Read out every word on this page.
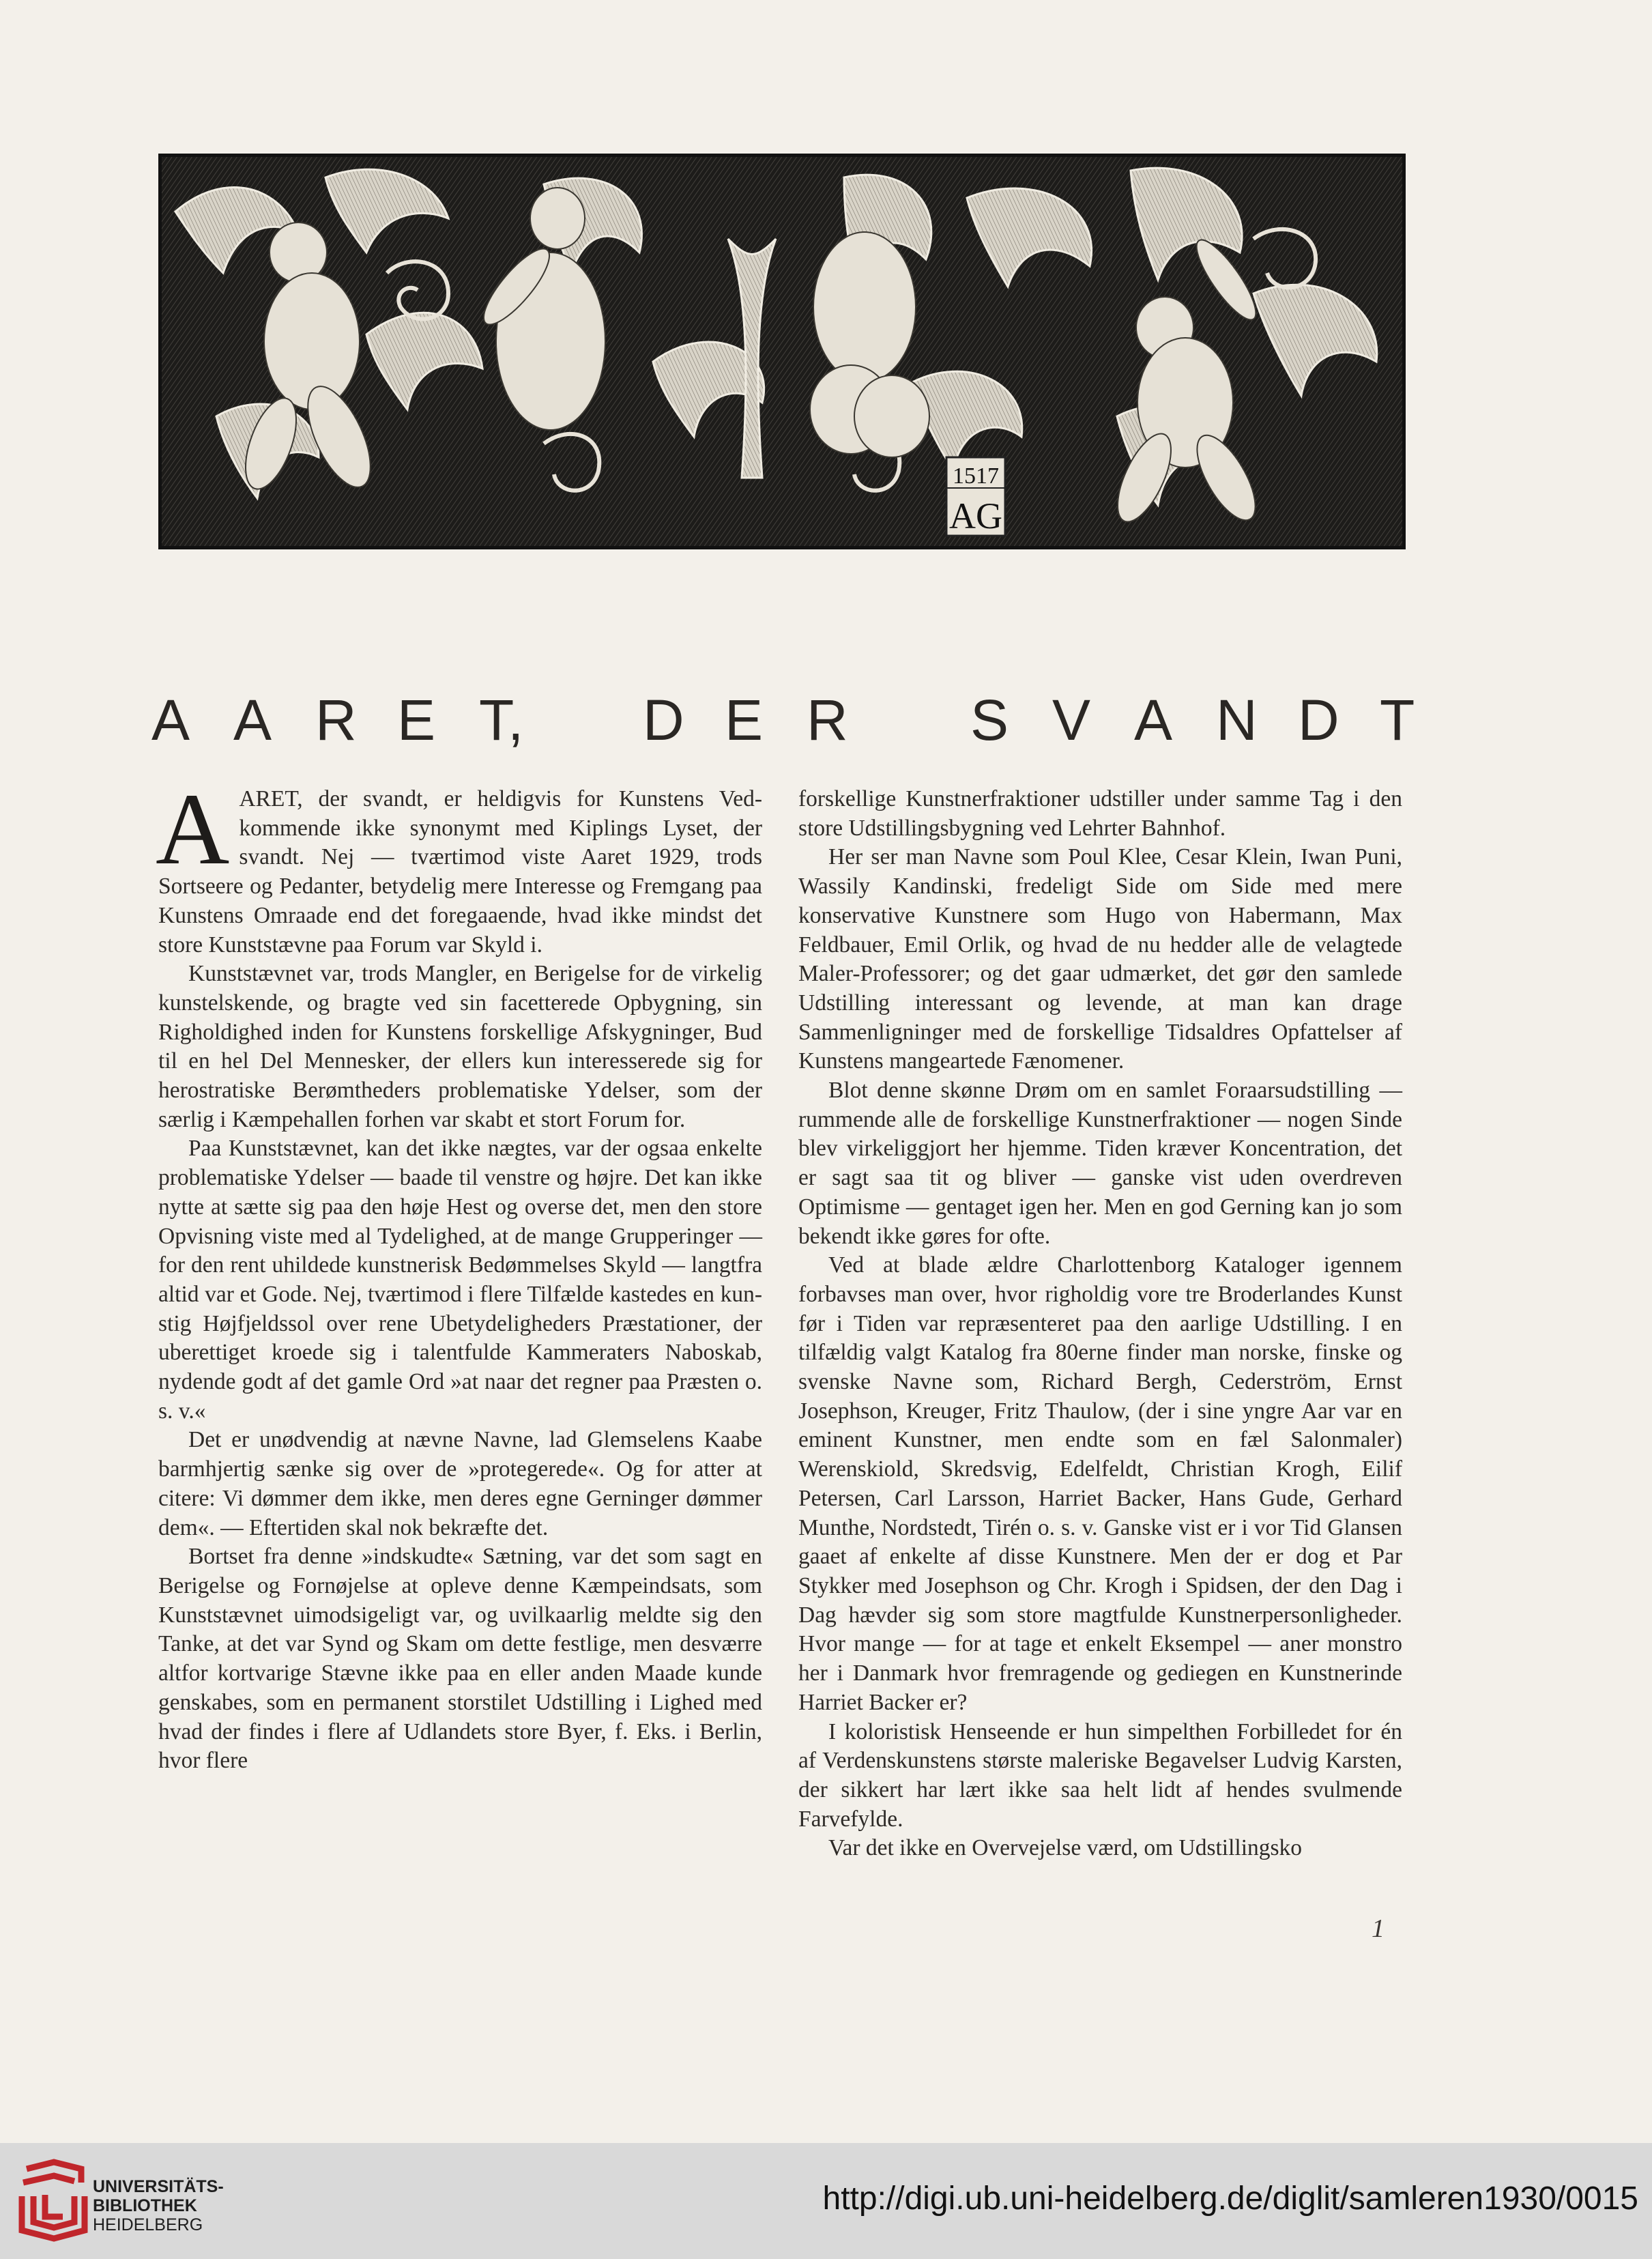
1517
AG
A A R E T, D E R S V A N D T
A ARET, der svandt, er heldigvis for Kunstens Vedkommende ikke synonymt med Kiplings Lyset, der svandt. Nej — tværtimod viste Aaret 1929, trods Sortseere og Pedanter, betydelig mere Interesse og Fremgang paa Kunstens Omraade end det foregaaende, hvad ikke mindst det store Kunststævne paa Forum var Skyld i.

Kunststævnet var, trods Mangler, en Berigelse for de virkelig kunstelskende, og bragte ved sin facetterede Opbygning, sin Righoldighed inden for Kunstens forskellige Afskygninger, Bud til en hel Del Mennesker, der ellers kun interesserede sig for herostratiske Berømtheders problematiske Ydelser, som der særlig i Kæmpehallen forhen var skabt et stort Forum for.

Paa Kunststævnet, kan det ikke nægtes, var der ogsaa enkelte problematiske Ydelser — baade til venstre og højre. Det kan ikke nytte at sætte sig paa den høje Hest og overse det, men den store Opvisning viste med al Tydelighed, at de mange Grupperinger — for den rent uhildede kunstnerisk Bedømmelses Skyld — langtfra altid var et Gode. Nej, tværtimod i flere Tilfælde kastedes en kunstig Højfjeldssol over rene Ubetydeligheders Præstationer, der uberettiget kroede sig i talentfulde Kammeraters Naboskab, nydende godt af det gamle Ord »at naar det regner paa Præsten o. s. v.«

Det er unødvendig at nævne Navne, lad Glemselens Kaabe barmhjertig sænke sig over de »protegerede«. Og for atter at citere: Vi dømmer dem ikke, men deres egne Gerninger dømmer dem«. — Eftertiden skal nok bekræfte det.

Bortset fra denne »indskudte« Sætning, var det som sagt en Berigelse og Fornøjelse at opleve denne Kæmpeindsats, som Kunststævnet uimodsigeligt var, og uvilkaarlig meldte sig den Tanke, at det var Synd og Skam om dette festlige, men desværre altfor kortvarige Stævne ikke paa en eller anden Maade kunde genskabes, som en permanent storstilet Udstilling i Lighed med hvad der findes i flere af Udlandets store Byer, f. Eks. i Berlin, hvor flere

forskellige Kunstnerfraktioner udstiller under samme Tag i den store Udstillingsbygning ved Lehrter Bahnhof.

Her ser man Navne som Poul Klee, Cesar Klein, Iwan Puni, Wassily Kandinski, fredeligt Side om Side med mere konservative Kunstnere som Hugo von Habermann, Max Feldbauer, Emil Orlik, og hvad de nu hedder alle de velagtede Maler-Professorer; og det gaar udmærket, det gør den samlede Udstilling interessant og levende, at man kan drage Sammenligninger med de forskellige Tidsaldres Opfattelser af Kunstens mangeartede Fænomener.

Blot denne skønne Drøm om en samlet Foraarsudstilling — rummende alle de forskellige Kunstnerfraktioner — nogen Sinde blev virkeliggjort her hjemme. Tiden kræver Koncentration, det er sagt saa tit og bliver — ganske vist uden overdreven Optimisme — gentaget igen her. Men en god Gerning kan jo som bekendt ikke gøres for ofte.

Ved at blade ældre Charlottenborg Kataloger igennem forbavses man over, hvor righoldig vore tre Broderlandes Kunst før i Tiden var repræsenteret paa den aarlige Udstilling. I en tilfældig valgt Katalog fra 80erne finder man norske, finske og svenske Navne som, Richard Bergh, Cederström, Ernst Josephson, Kreuger, Fritz Thaulow, (der i sine yngre Aar var en eminent Kunstner, men endte som en fæl Salonmaler) Werenskiold, Skredsvig, Edelfeldt, Christian Krogh, Eilif Petersen, Carl Larsson, Harriet Backer, Hans Gude, Gerhard Munthe, Nordstedt, Tirén o. s. v. Ganske vist er i vor Tid Glansen gaaet af enkelte af disse Kunstnere. Men der er dog et Par Stykker med Josephson og Chr. Krogh i Spidsen, der den Dag i Dag hævder sig som store magtfulde Kunstnerpersonligheder. Hvor mange — for at tage et enkelt Eksempel — aner monstro her i Danmark hvor fremragende og gediegen en Kunstnerinde Harriet Backer er?

I koloristisk Henseende er hun simpelthen Forbilledet for én af Verdenskunstens største maleriske Begavelser Ludvig Karsten, der sikkert har lært ikke saa helt lidt af hendes svulmende Farvefylde.

Var det ikke en Overvejelse værd, om Udstillingsko

1
UNIVERSITÄTS-
BIBLIOTHEK
HEIDELBERG
http://digi.ub.uni-heidelberg.de/diglit/samleren1930/0015
